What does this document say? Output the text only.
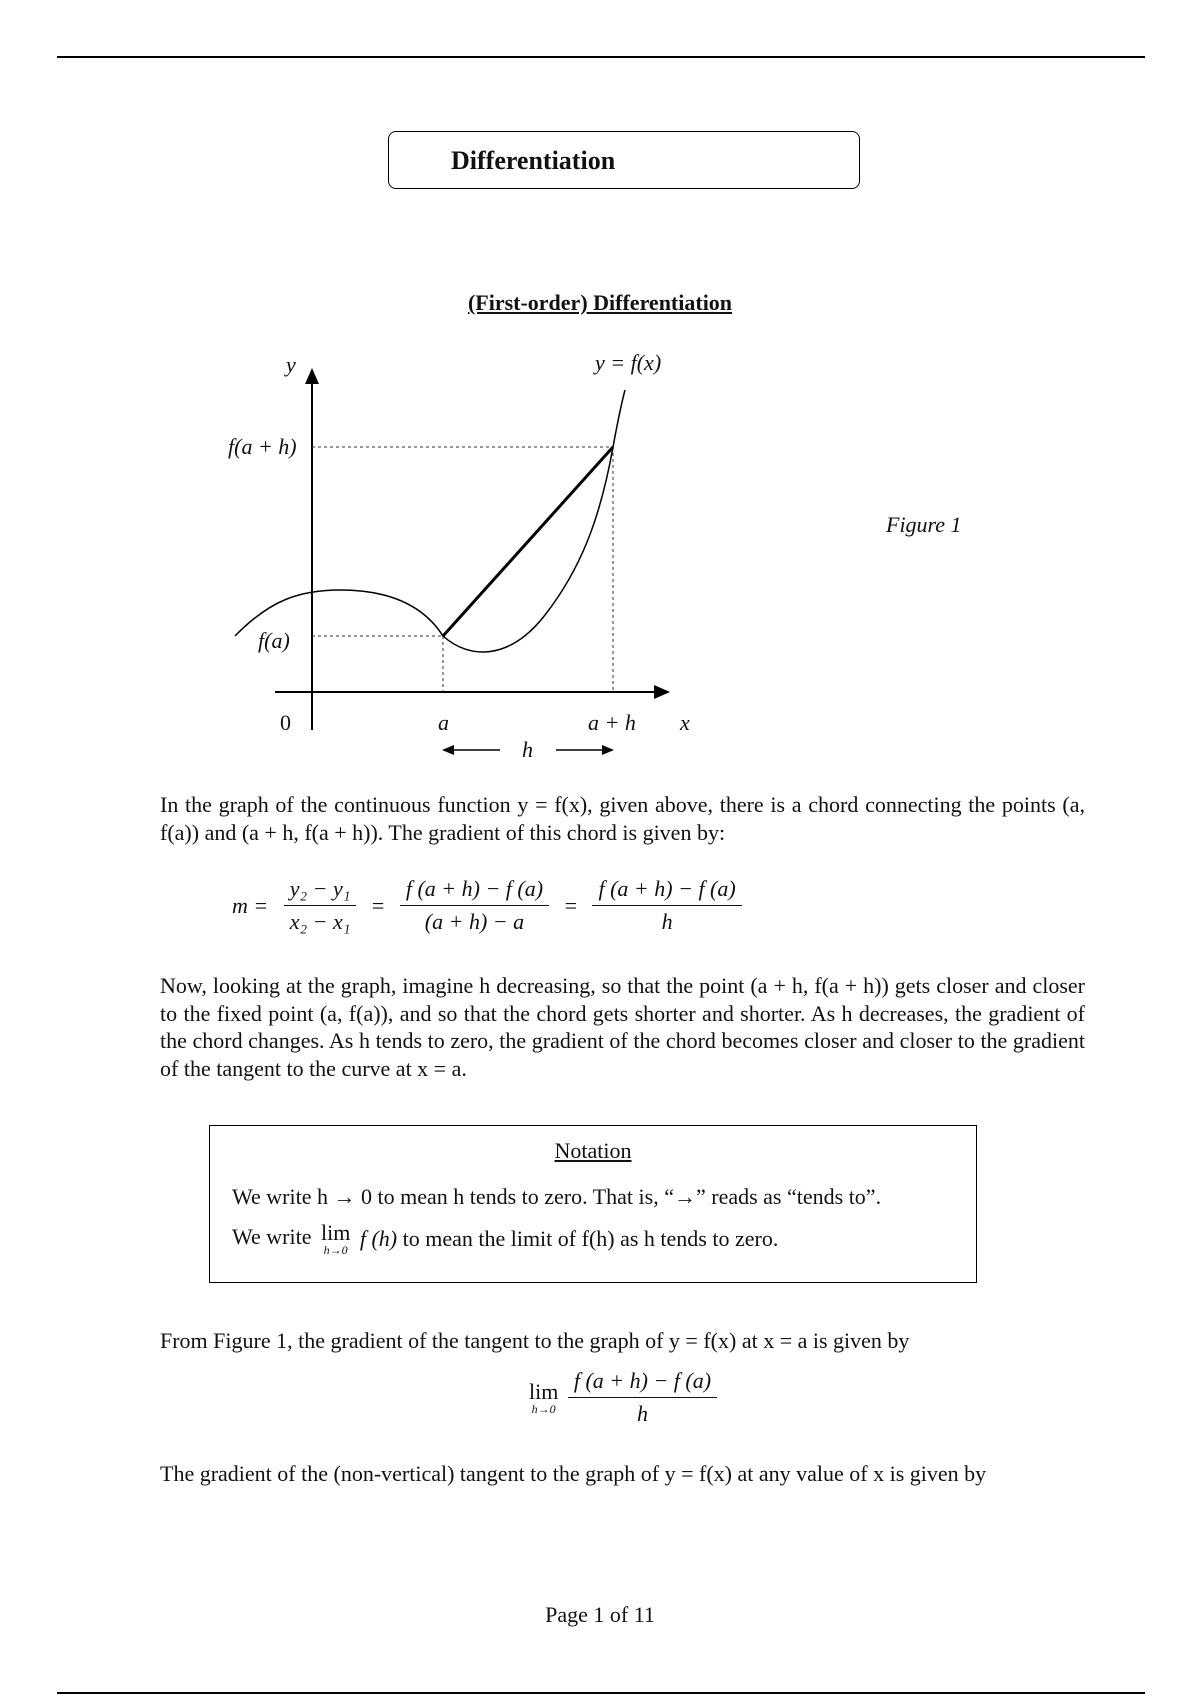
Differentiation
(First-order) Differentiation
y	y = f(x)
f(a + h)
f(a)
0	a	a + h x
h
Figure 1
In the graph of the continuous function y = f(x), given above, there is a chord connecting the points (a, f(a)) and (a + h, f(a + h)). The gradient of this chord is given by:
$m = \frac{\text{y₂ − y₁}}{\text{x₂ − x₁}} = \frac{f (a + h) - f (a)}{(a + h) - a} = \frac{f (a + h) - f (a)}{h}$
Now, looking at the graph, imagine h decreasing, so that the point (a + h, f(a + h)) gets closer and closer to the fixed point (a, f(a)), and so that the chord gets shorter and shorter. As h decreases, the gradient of the chord changes. As h tends to zero, the gradient of the chord becomes closer and closer to the gradient of the tangent to the curve at x = a.
Notation
We write h → 0 to mean h tends to zero. That is, “→” reads as “tends to”.
We write lim
h→0 f (h) to mean the limit of f(h) as h tends to zero.
From Figure 1, the gradient of the tangent to the graph of y = f(x) at x = a is given by
lim
h→0
$\frac{f (a + h) - f (a)}{h}$
The gradient of the (non-vertical) tangent to the graph of y = f(x) at any value of x is given by
Page 1 of 11
